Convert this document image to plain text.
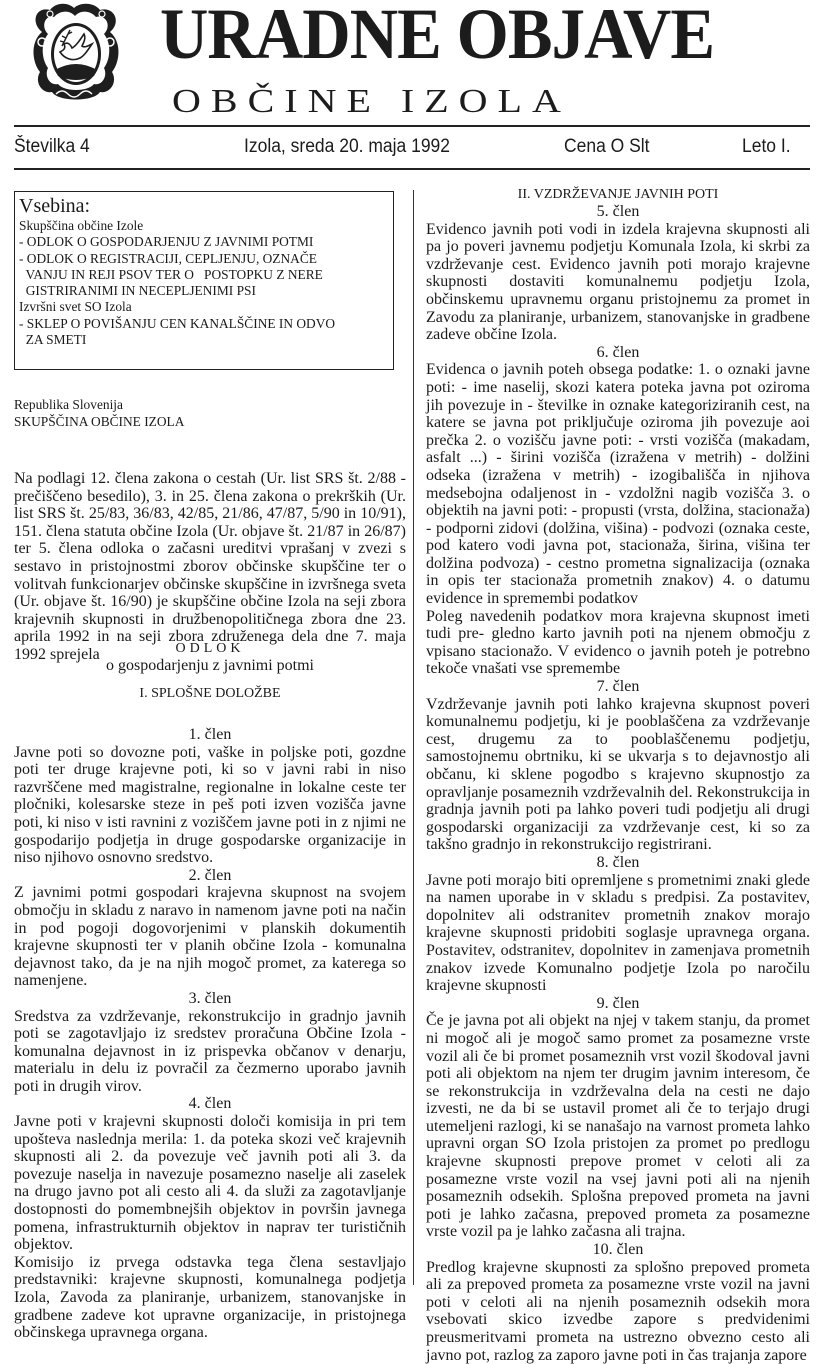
URADNE OBJAVE
OBČINE IZOLA
Številka 4	Izola, sreda 20. maja 1992	Cena O Slt	Leto I.
Vsebina:
Skupščina občine Izole
- ODLOK O GOSPODARJENJU Z JAVNIMI POTMI
- ODLOK O REGISTRACIJI, CEPLJENJU, OZNAČE
VANJU IN REJI PSOV TER O   POSTOPKU Z NERE
GISTRIRANIMI IN NECEPLJENIMI PSI
Izvršni svet SO Izola
- SKLEP O POVIŠANJU CEN KANALŠČINE IN ODVO
ZA SMETI
Republika Slovenija
SKUPŠČINA OBČINE IZOLA
Na podlagi 12. člena zakona o cestah (Ur. list SRS št. 2/88 - prečiščeno besedilo), 3. in 25. člena zakona o prekrških (Ur. list SRS št. 25/83, 36/83, 42/85, 21/86, 47/87, 5/90 in 10/91), 151. člena statuta občine Izola (Ur. objave št. 21/87 in 26/87) ter 5. člena odloka o začasni ureditvi vprašanj v zvezi s sestavo in pristojnostmi zborov občinske skupščine ter o volitvah funkcionarjev občinske skupščine in izvršnega sveta (Ur. objave št. 16/90) je skupščine občine Izola na seji zbora krajevnih skupnosti in družbenopolitičnega zbora dne 23. aprila 1992 in na seji zbora združenega dela dne 7. maja 1992 sprejela	ODLOK
o gospodarjenju z javnimi potmi
I. SPLOŠNE DOLOŽBE
1. člen
Javne poti so dovozne poti, vaške in poljske poti, gozdne poti ter druge krajevne poti, ki so v javni rabi in niso razvrščene med magistralne, regionalne in lokalne ceste ter pločniki, kolesarske steze in peš poti izven vozišča javne poti, ki niso v isti ravnini z voziščem javne poti in z njimi ne gospodarijo podjetja in druge gospodarske organizacije in niso njihovo osnovno sredstvo.
2. člen
Z javnimi potmi gospodari krajevna skupnost na svojem območju in skladu z naravo in namenom javne poti na način in pod pogoji dogovorjenimi v planskih dokumentih krajevne skupnosti ter v planih občine Izola - komunalna dejavnost tako, da je na njih mogoč promet, za katerega so namenjene.
3. člen
Sredstva za vzdrževanje, rekonstrukcijo in gradnjo javnih poti se zagotavljajo iz sredstev proračuna Občine Izola - komunalna dejavnost in iz prispevka občanov v denarju, materialu in delu iz povračil za čezmerno uporabo javnih poti in drugih virov.
4. člen
Javne poti v krajevni skupnosti določi komisija in pri tem upošteva naslednja merila: 1. da poteka skozi več krajevnih skupnosti ali 2. da povezuje več javnih poti ali 3. da povezuje naselja in navezuje posamezno naselje ali zaselek na drugo javno pot ali cesto ali 4. da služi za zagotavljanje dostopnosti do pomembnejših objektov in površin javnega pomena, infrastrukturnih objektov in naprav ter turističnih objektov.
Komisijo iz prvega odstavka tega člena sestavljajo predstavniki: krajevne skupnosti, komunalnega podjetja Izola, Zavoda za planiranje, urbanizem, stanovanjske in gradbene zadeve kot upravne organizacije, in pristojnega občinskega upravnega organa.
II. VZDRŽEVANJE JAVNIH POTI
5. člen
Evidenco javnih poti vodi in izdela krajevna skupnosti ali pa jo poveri javnemu podjetju Komunala Izola, ki skrbi za vzdrževanje cest. Evidenco javnih poti morajo krajevne skupnosti dostaviti komunalnemu podjetju Izola, občinskemu upravnemu organu pristojnemu za promet in Zavodu za planiranje, urbanizem, stanovanjske in gradbene zadeve občine Izola.
6. člen
Evidenca o javnih poteh obsega podatke: 1. o oznaki javne poti: - ime naselij, skozi katera poteka javna pot oziroma jih povezuje in - številke in oznake kategoriziranih cest, na katere se javna pot priključuje oziroma jih povezuje aoi prečka 2. o vozišču javne poti: - vrsti vozišča (makadam, asfalt ...) - širini vozišča (izražena v metrih) - dolžini odseka (izražena v metrih) - izogibališča in njihova medsebojna odaljenost in - vzdolžni nagib vozišča 3. o objektih na javni poti: - propusti (vrsta, dolžina, stacionaža) - podporni zidovi (dolžina, višina) - podvozi (oznaka ceste, pod katero vodi javna pot, stacionaža, širina, višina ter dolžina podvoza) - cestno prometna signalizacija (oznaka in opis ter stacionaža prometnih znakov) 4. o datumu evidence in spremembi podatkov
Poleg navedenih podatkov mora krajevna skupnost imeti tudi pre- gledno karto javnih poti na njenem območju z vpisano stacionažo. V evidenco o javnih poteh je potrebno tekoče vnašati vse spremembe
7. člen
Vzdrževanje javnih poti lahko krajevna skupnost poveri komunalnemu podjetju, ki je pooblaščena za vzdrževanje cest, drugemu za to pooblaščenemu podjetju, samostojnemu obrtniku, ki se ukvarja s to dejavnostjo ali občanu, ki sklene pogodbo s krajevno skupnostjo za opravljanje posameznih vzdrževalnih del. Rekonstrukcija in gradnja javnih poti pa lahko poveri tudi podjetju ali drugi gospodarski organizaciji za vzdrževanje cest, ki so za takšno gradnjo in rekonstrukcijo registrirani.
8. člen
Javne poti morajo biti opremljene s prometnimi znaki glede na namen uporabe in v skladu s predpisi. Za postavitev, dopolnitev ali odstranitev prometnih znakov morajo krajevne skupnosti pridobiti soglasje upravnega organa. Postavitev, odstranitev, dopolnitev in zamenjava prometnih znakov izvede Komunalno podjetje Izola po naročilu krajevne skupnosti
9. člen
Če je javna pot ali objekt na njej v takem stanju, da promet ni mogoč ali je mogoč samo promet za posamezne vrste vozil ali če bi promet posameznih vrst vozil škodoval javni poti ali objektom na njem ter drugim javnim interesom, če se rekonstrukcija in vzdrževalna dela na cesti ne dajo izvesti, ne da bi se ustavil promet ali če to terjajo drugi utemeljeni razlogi, ki se nanašajo na varnost prometa lahko upravni organ SO Izola pristojen za promet po predlogu krajevne skupnosti prepove promet v celoti ali za posamezne vrste vozil na vsej javni poti ali na njenih posameznih odsekih. Splošna prepoved prometa na javni poti je lahko začasna, prepoved prometa za posamezne vrste vozil pa je lahko začasna ali trajna.
10. člen
Predlog krajevne skupnosti za splošno prepoved prometa ali za prepoved prometa za posamezne vrste vozil na javni poti v celoti ali na njenih posameznih odsekih mora vsebovati skico izvedbe zapore s predvidenimi preusmeritvami prometa na ustrezno obvezno cesto ali javno pot, razlog za zaporo javne poti in čas trajanja zapore
